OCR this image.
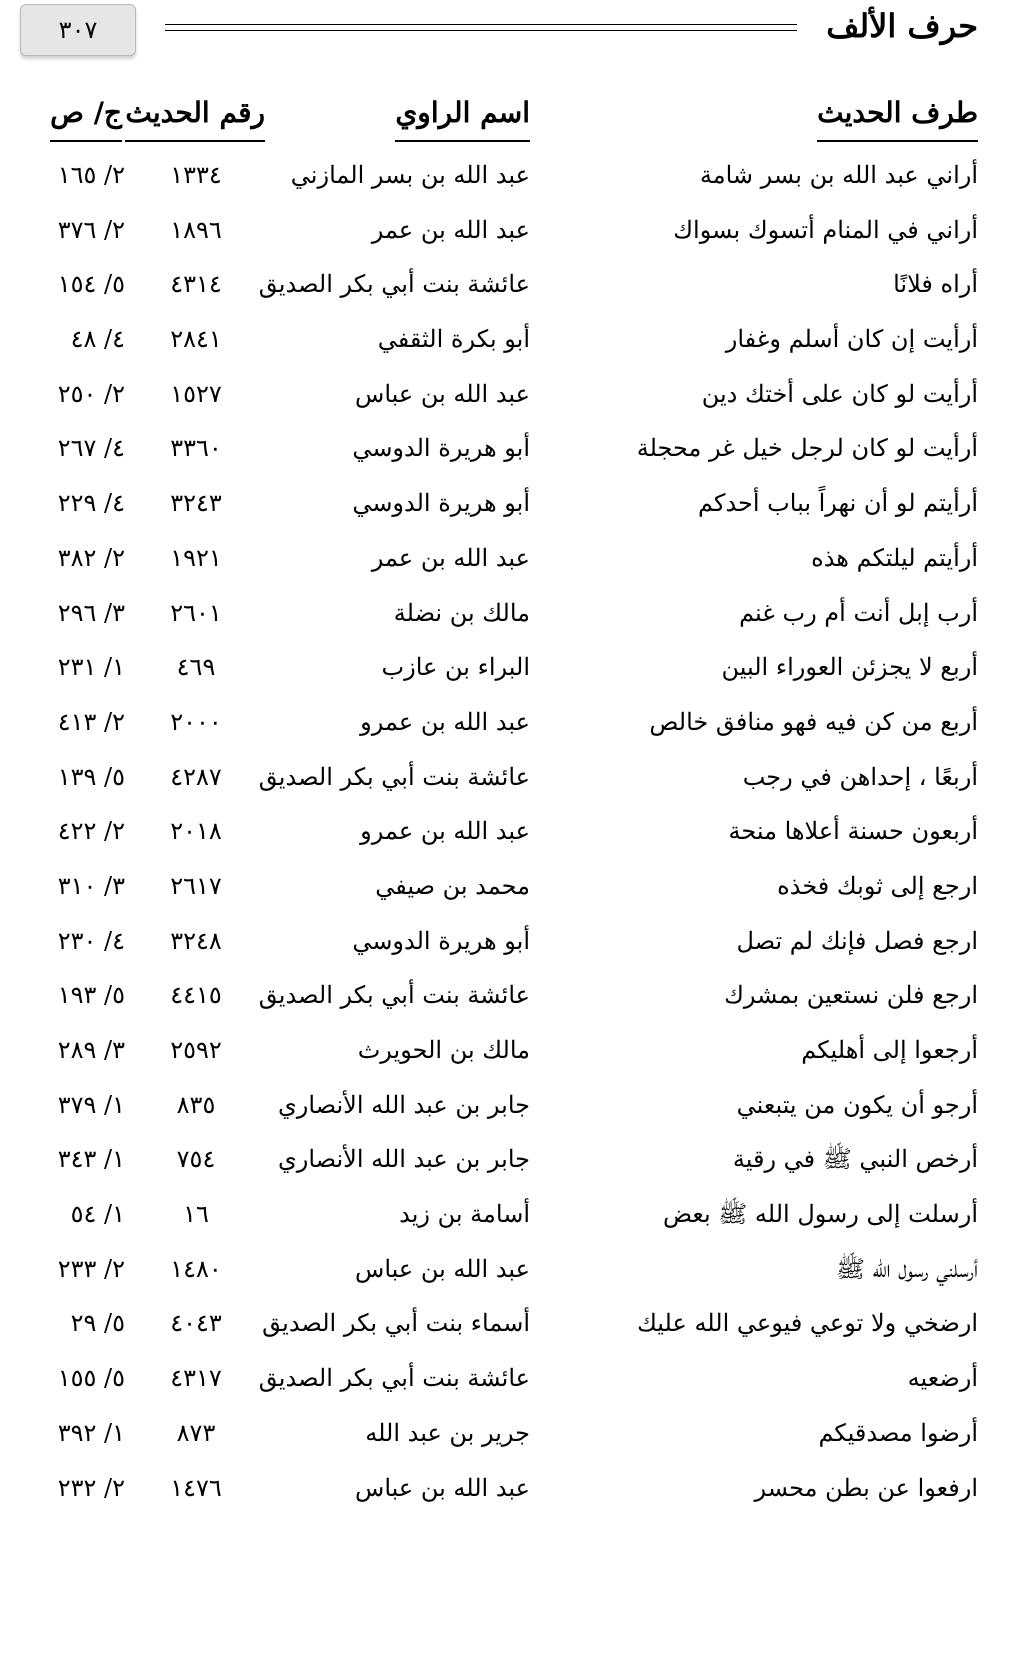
حرف الألف
٣٠٧
طرف الحديث
اسم الراوي
رقم الحديث
ج/ ص
أراني عبد الله بن بسر شامة
عبد الله بن بسر المازني
١٣٣٤
٢/ ١٦٥
أراني في المنام أتسوك بسواك
عبد الله بن عمر
١٨٩٦
٢/ ٣٧٦
أراه فلانًا
عائشة بنت أبي بكر الصديق
٤٣١٤
٥/ ١٥٤
أرأيت إن كان أسلم وغفار
أبو بكرة الثقفي
٢٨٤١
٤/ ٤٨
أرأيت لو كان على أختك دين
عبد الله بن عباس
١٥٢٧
٢/ ٢٥٠
أرأيت لو كان لرجل خيل غر محجلة
أبو هريرة الدوسي
٣٣٦٠
٤/ ٢٦٧
أرأيتم لو أن نهراً بباب أحدكم
أبو هريرة الدوسي
٣٢٤٣
٤/ ٢٢٩
أرأيتم ليلتكم هذه
عبد الله بن عمر
١٩٢١
٢/ ٣٨٢
أرب إبل أنت أم رب غنم
مالك بن نضلة
٢٦٠١
٣/ ٢٩٦
أربع لا يجزئن العوراء البين
البراء بن عازب
٤٦٩
١/ ٢٣١
أربع من كن فيه فهو منافق خالص
عبد الله بن عمرو
٢٠٠٠
٢/ ٤١٣
أربعًا ، إحداهن في رجب
عائشة بنت أبي بكر الصديق
٤٢٨٧
٥/ ١٣٩
أربعون حسنة أعلاها منحة
عبد الله بن عمرو
٢٠١٨
٢/ ٤٢٢
ارجع إلى ثوبك فخذه
محمد بن صيفي
٢٦١٧
٣/ ٣١٠
ارجع فصل فإنك لم تصل
أبو هريرة الدوسي
٣٢٤٨
٤/ ٢٣٠
ارجع فلن نستعين بمشرك
عائشة بنت أبي بكر الصديق
٤٤١٥
٥/ ١٩٣
أرجعوا إلى أهليكم
مالك بن الحويرث
٢٥٩٢
٣/ ٢٨٩
أرجو أن يكون من يتبعني
جابر بن عبد الله الأنصاري
٨٣٥
١/ ٣٧٩
أرخص النبي ﷺ في رقية
جابر بن عبد الله الأنصاري
٧٥٤
١/ ٣٤٣
أرسلت إلى رسول الله ﷺ بعض
أسامة بن زيد
١٦
١/ ٥٤
أرسلني رسول الله ﷺ
عبد الله بن عباس
١٤٨٠
٢/ ٢٣٣
ارضخي ولا توعي فيوعي الله عليك
أسماء بنت أبي بكر الصديق
٤٠٤٣
٥/ ٢٩
أرضعيه
عائشة بنت أبي بكر الصديق
٤٣١٧
٥/ ١٥٥
أرضوا مصدقيكم
جرير بن عبد الله
٨٧٣
١/ ٣٩٢
ارفعوا عن بطن محسر
عبد الله بن عباس
١٤٧٦
٢/ ٢٣٢
